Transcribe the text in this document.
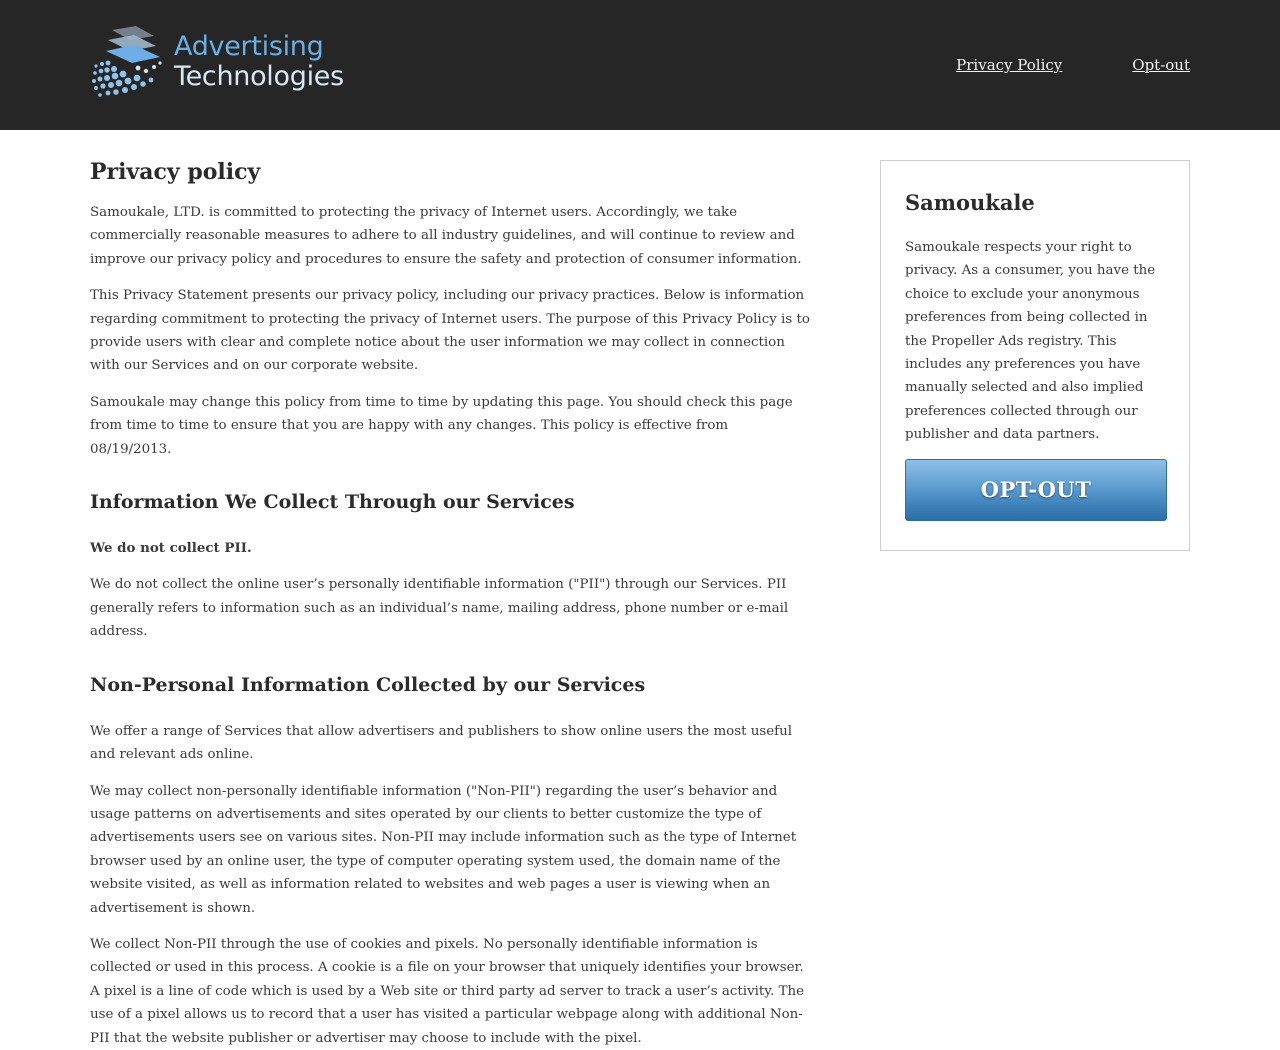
Advertising
Technologies	Privacy Policy	Opt-out
Privacy policy

Samoukale, LTD. is committed to protecting the privacy of Internet users. Accordingly, we take commercially reasonable measures to adhere to all industry guidelines, and will continue to review and improve our privacy policy and procedures to ensure the safety and protection of consumer information.

This Privacy Statement presents our privacy policy, including our privacy practices. Below is information regarding commitment to protecting the privacy of Internet users. The purpose of this Privacy Policy is to provide users with clear and complete notice about the user information we may collect in connection with our Services and on our corporate website.

Samoukale may change this policy from time to time by updating this page. You should check this page from time to time to ensure that you are happy with any changes. This policy is effective from 08/19/2013.

Information We Collect Through our Services

We do not collect PII.

We do not collect the online user’s personally identifiable information ("PII") through our Services. PII generally refers to information such as an individual’s name, mailing address, phone number or e-mail address.

Non-Personal Information Collected by our Services

We offer a range of Services that allow advertisers and publishers to show online users the most useful and relevant ads online.

We may collect non-personally identifiable information ("Non-PII") regarding the user’s behavior and usage patterns on advertisements and sites operated by our clients to better customize the type of advertisements users see on various sites. Non-PII may include information such as the type of Internet browser used by an online user, the type of computer operating system used, the domain name of the website visited, as well as information related to websites and web pages a user is viewing when an advertisement is shown.

We collect Non-PII through the use of cookies and pixels. No personally identifiable information is collected or used in this process. A cookie is a file on your browser that uniquely identifies your browser. A pixel is a line of code which is used by a Web site or third party ad server to track a user’s activity. The use of a pixel allows us to record that a user has visited a particular webpage along with additional Non-PII that the website publisher or advertiser may choose to include with the pixel.

Samoukale

Samoukale respects your right to privacy. As a consumer, you have the choice to exclude your anonymous preferences from being collected in the Propeller Ads registry. This includes any preferences you have manually selected and also implied preferences collected through our publisher and data partners.

OPT-OUT
